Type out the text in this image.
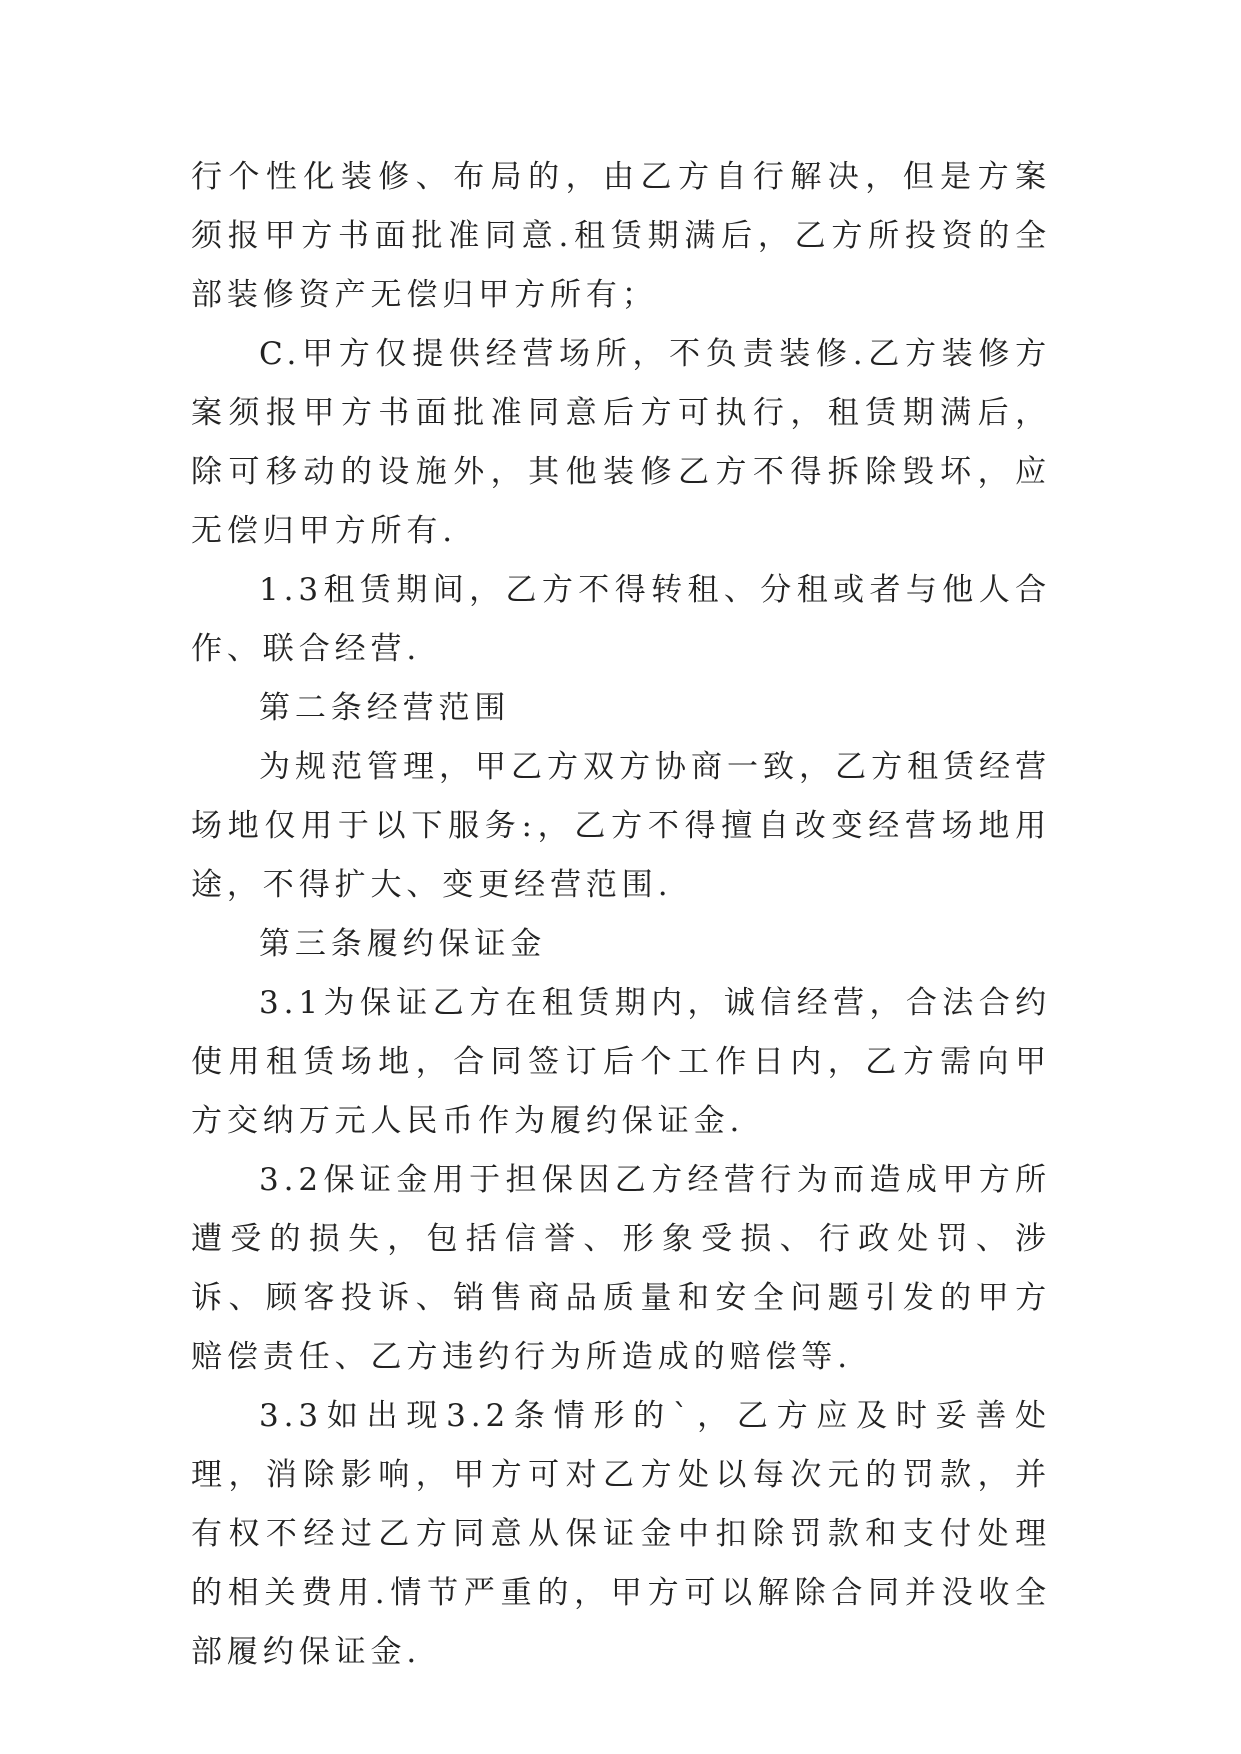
行个性化装修、布局的，由乙方自行解决，但是方案须报甲方书面批准同意.租赁期满后，乙方所投资的全部装修资产无偿归甲方所有；

C.甲方仅提供经营场所，不负责装修.乙方装修方案须报甲方书面批准同意后方可执行，租赁期满后，除可移动的设施外，其他装修乙方不得拆除毁坏，应无偿归甲方所有.

1.3租赁期间，乙方不得转租、分租或者与他人合作、联合经营.

第二条经营范围

为规范管理，甲乙方双方协商一致，乙方租赁经营场地仅用于以下服务:，乙方不得擅自改变经营场地用途，不得扩大、变更经营范围.

第三条履约保证金

3.1为保证乙方在租赁期内，诚信经营，合法合约使用租赁场地，合同签订后个工作日内，乙方需向甲方交纳万元人民币作为履约保证金.

3.2保证金用于担保因乙方经营行为而造成甲方所遭受的损失，包括信誉、形象受损、行政处罚、涉诉、顾客投诉、销售商品质量和安全问题引发的甲方赔偿责任、乙方违约行为所造成的赔偿等.

3.3如出现3.2条情形的`，乙方应及时妥善处理，消除影响，甲方可对乙方处以每次元的罚款，并有权不经过乙方同意从保证金中扣除罚款和支付处理的相关费用.情节严重的，甲方可以解除合同并没收全部履约保证金.
